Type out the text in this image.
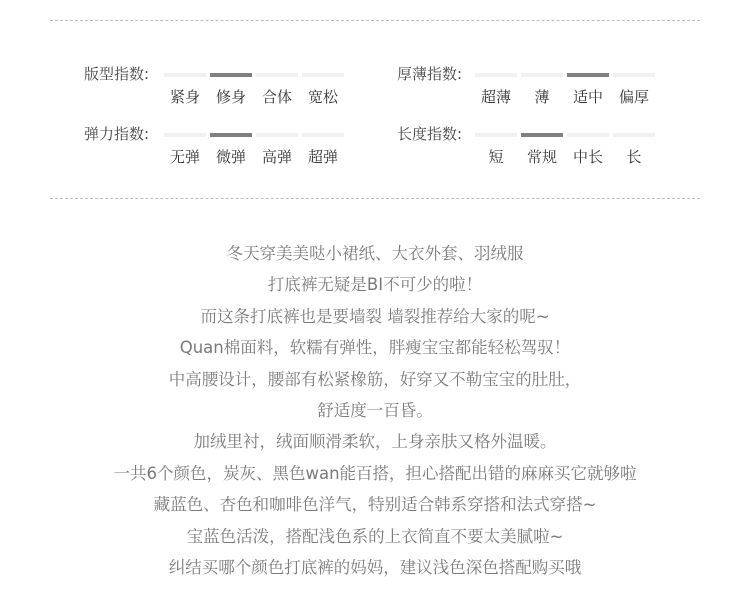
版型指数:
紧身	修身	合体	宽松
厚薄指数:
超薄	薄	适中	偏厚
弹力指数:
无弹	微弹	高弹	超弹
长度指数:
短	常规	中长	长

冬天穿美美哒小裙纸、大衣外套、羽绒服

打底裤无疑是BI不可少的啦！

而这条打底裤也是要墙裂 墙裂推荐给大家的呢~

Quan棉面料，软糯有弹性，胖瘦宝宝都能轻松驾驭！

中高腰设计，腰部有松紧橡筋，好穿又不勒宝宝的肚肚，

舒适度一百昏。

加绒里衬，绒面顺滑柔软，上身亲肤又格外温暖。

一共6个颜色，炭灰、黑色wan能百搭，担心搭配出错的麻麻买它就够啦

藏蓝色、杏色和咖啡色洋气，特别适合韩系穿搭和法式穿搭~

宝蓝色活泼，搭配浅色系的上衣简直不要太美腻啦~

纠结买哪个颜色打底裤的妈妈，建议浅色深色搭配购买哦
